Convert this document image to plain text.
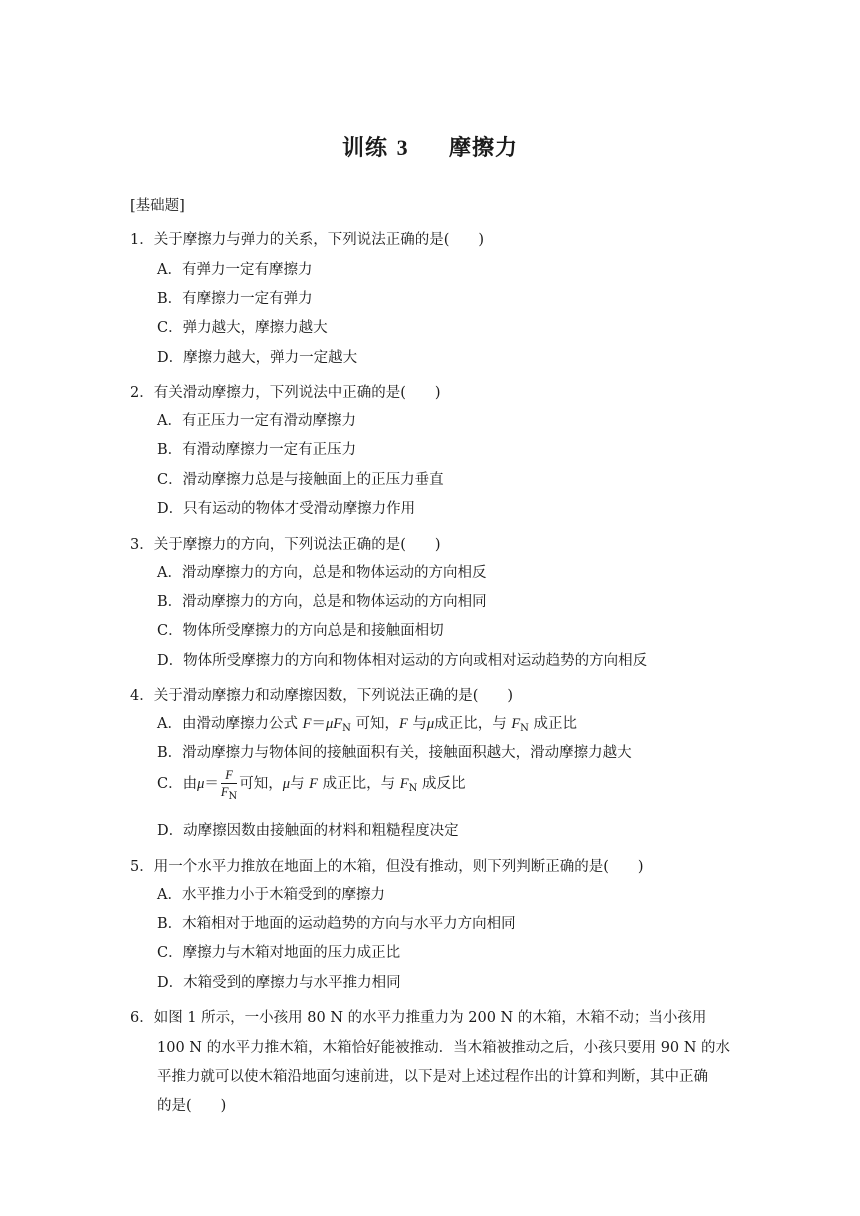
训练 3 　 摩擦力
[基础题]
1．关于摩擦力与弹力的关系，下列说法正确的是(　　)
A．有弹力一定有摩擦力
B．有摩擦力一定有弹力
C．弹力越大，摩擦力越大
D．摩擦力越大，弹力一定越大
2．有关滑动摩擦力，下列说法中正确的是(　　)
A．有正压力一定有滑动摩擦力
B．有滑动摩擦力一定有正压力
C．滑动摩擦力总是与接触面上的正压力垂直
D．只有运动的物体才受滑动摩擦力作用
3．关于摩擦力的方向，下列说法正确的是(　　)
A．滑动摩擦力的方向，总是和物体运动的方向相反
B．滑动摩擦力的方向，总是和物体运动的方向相同
C．物体所受摩擦力的方向总是和接触面相切
D．物体所受摩擦力的方向和物体相对运动的方向或相对运动趋势的方向相反
4．关于滑动摩擦力和动摩擦因数，下列说法正确的是(　　)
A．由滑动摩擦力公式 $F=\mu F_N$ 可知，F 与μ成正比，与 $F_N$ 成正比
B．滑动摩擦力与物体间的接触面积有关，接触面积越大，滑动摩擦力越大
C．由$\mu= \frac{F}{F_N}$ 可知，μ与 F 成正比，与 $F_N$ 成反比
D．动摩擦因数由接触面的材料和粗糙程度决定
5．用一个水平力推放在地面上的木箱，但没有推动，则下列判断正确的是(　　)
A．水平推力小于木箱受到的摩擦力
B．木箱相对于地面的运动趋势的方向与水平力方向相同
C．摩擦力与木箱对地面的压力成正比
D．木箱受到的摩擦力与水平推力相同
6．如图 1 所示，一小孩用 80 N 的水平力推重力为 200 N 的木箱，木箱不动；当小孩用
100 N 的水平力推木箱，木箱恰好能被推动．当木箱被推动之后，小孩只要用 90 N 的水
平推力就可以使木箱沿地面匀速前进，以下是对上述过程作出的计算和判断，其中正确
的是(　　)
